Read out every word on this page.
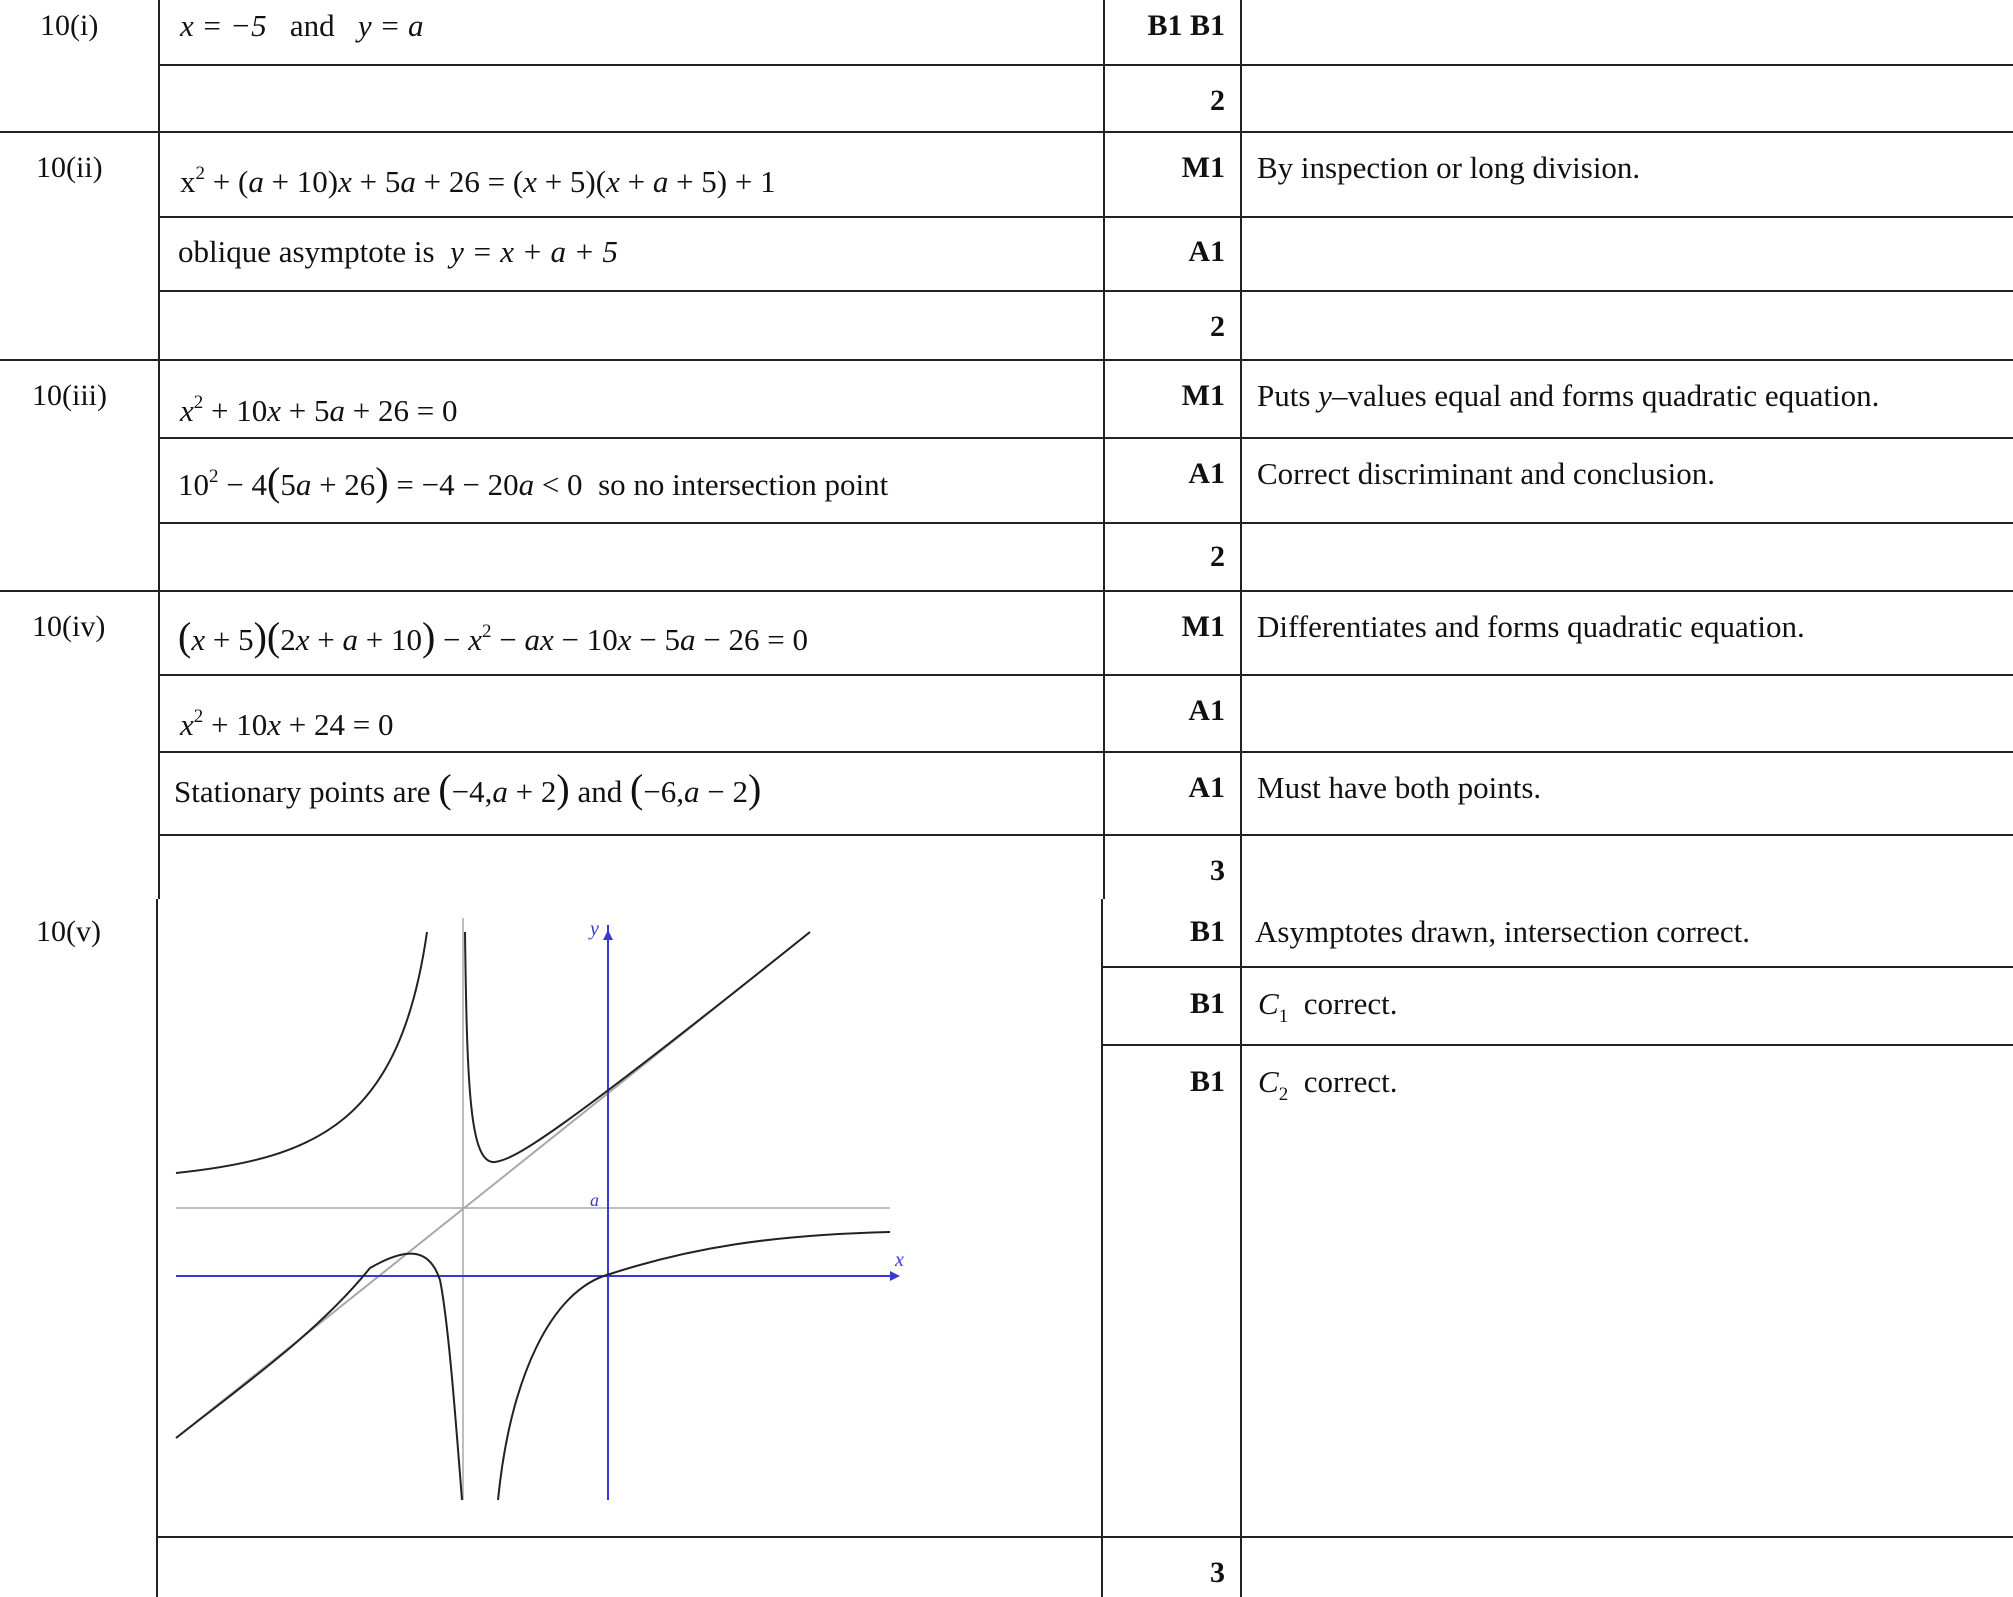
10(i)	x = −5 and y = a	B1 B1
2
10(ii) $x^2 + (a + 10)x + 5a + 26 = (x + 5)(x + a + 5) + 1$	M1 By inspection or long division.
oblique asymptote is y = x + a + 5	A1
2
10(iii) $x^2 + 10x + 5a + 26 = 0$	M1 Puts y–values equal and forms quadratic equation.
$10^2 - 4(5a + 26) = -4 - 20a < 0$ so no intersection point	A1 Correct discriminant and conclusion.
2
10(iv) $(x + 5)(2x + a + 10) - x^2$ − ax − 10x − 5a − 26 = 0	M1 Differentiates and forms quadratic equation.
$x^2 + 10x + 24 = 0$	A1
Stationary points are (−4,a + 2) and (−6,a − 2)	A1 Must have both points.
3
10(v)	B1 Asymptotes drawn, intersection correct.
B1 $C_1$ correct.
B1 $C_2$ correct.
3
x
y
a
